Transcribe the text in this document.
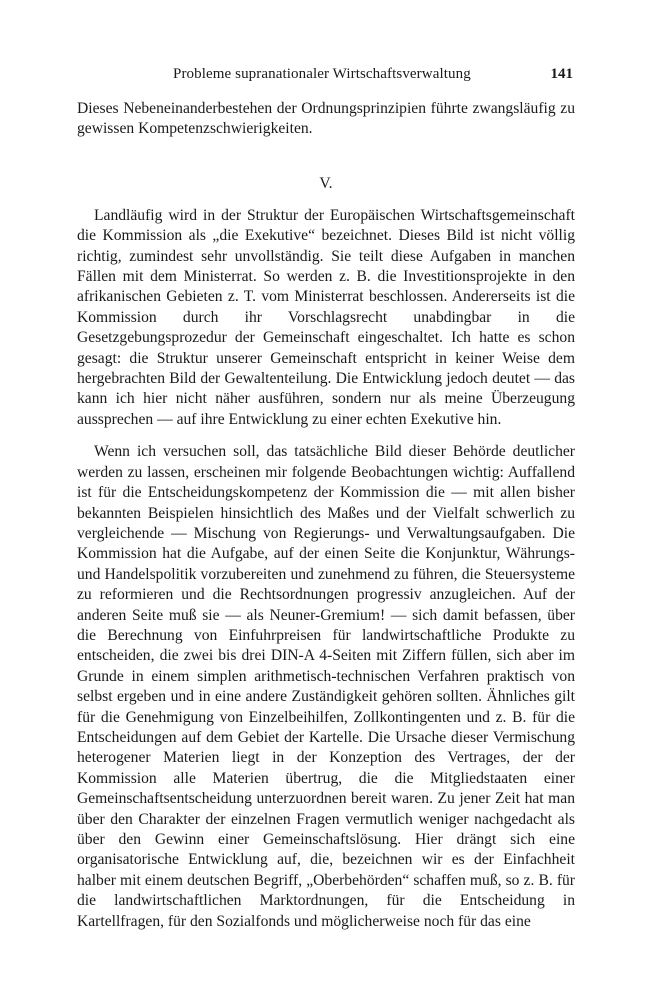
Probleme supranationaler Wirtschaftsverwaltung	141

Dieses Nebeneinanderbestehen der Ordnungsprinzipien führte zwangsläufig zu gewissen Kompetenzschwierigkeiten.

V.

Landläufig wird in der Struktur der Europäischen Wirtschaftsgemeinschaft die Kommission als „die Exekutive“ bezeichnet. Dieses Bild ist nicht völlig richtig, zumindest sehr unvollständig. Sie teilt diese Aufgaben in manchen Fällen mit dem Ministerrat. So werden z. B. die Investitionsprojekte in den afrikanischen Gebieten z. T. vom Ministerrat beschlossen. Andererseits ist die Kommission durch ihr Vorschlagsrecht unabdingbar in die Gesetzgebungsprozedur der Gemeinschaft eingeschaltet. Ich hatte es schon gesagt: die Struktur unserer Gemeinschaft entspricht in keiner Weise dem hergebrachten Bild der Gewaltenteilung. Die Entwicklung jedoch deutet — das kann ich hier nicht näher ausführen, sondern nur als meine Überzeugung aussprechen — auf ihre Entwicklung zu einer echten Exekutive hin.

Wenn ich versuchen soll, das tatsächliche Bild dieser Behörde deutlicher werden zu lassen, erscheinen mir folgende Beobachtungen wichtig: Auffallend ist für die Entscheidungskompetenz der Kommission die — mit allen bisher bekannten Beispielen hinsichtlich des Maßes und der Vielfalt schwerlich zu vergleichende — Mischung von Regierungs- und Verwaltungsaufgaben. Die Kommission hat die Aufgabe, auf der einen Seite die Konjunktur, Währungs- und Handelspolitik vorzubereiten und zunehmend zu führen, die Steuersysteme zu reformieren und die Rechtsordnungen progressiv anzugleichen. Auf der anderen Seite muß sie — als Neuner-Gremium! — sich damit befassen, über die Berechnung von Einfuhrpreisen für landwirtschaftliche Produkte zu entscheiden, die zwei bis drei DIN-A 4-Seiten mit Ziffern füllen, sich aber im Grunde in einem simplen arithmetisch-technischen Verfahren praktisch von selbst ergeben und in eine andere Zuständigkeit gehören sollten. Ähnliches gilt für die Genehmigung von Einzelbeihilfen, Zollkontingenten und z. B. für die Entscheidungen auf dem Gebiet der Kartelle. Die Ursache dieser Vermischung heterogener Materien liegt in der Konzeption des Vertrages, der der Kommission alle Materien übertrug, die die Mitgliedstaaten einer Gemeinschaftsentscheidung unterzuordnen bereit waren. Zu jener Zeit hat man über den Charakter der einzelnen Fragen vermutlich weniger nachgedacht als über den Gewinn einer Gemeinschaftslösung. Hier drängt sich eine organisatorische Entwicklung auf, die, bezeichnen wir es der Einfachheit halber mit einem deutschen Begriff, „Oberbehörden“ schaffen muß, so z. B. für die landwirtschaftlichen Marktordnungen, für die Entscheidung in Kartellfragen, für den Sozialfonds und möglicherweise noch für das eine
